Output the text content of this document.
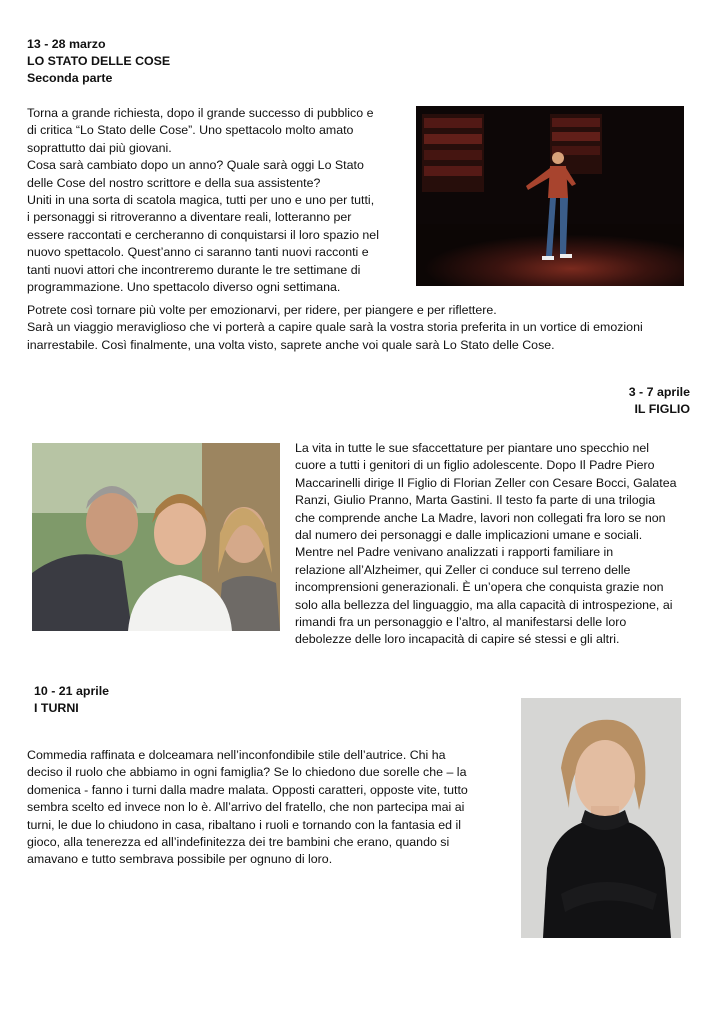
13 - 28 marzo
LO STATO DELLE COSE
Seconda parte
Torna a grande richiesta, dopo il grande successo di pubblico e
di critica “Lo Stato delle Cose”. Uno spettacolo molto amato
soprattutto dai più giovani.
Cosa sarà cambiato dopo un anno? Quale sarà oggi Lo Stato
delle Cose del nostro scrittore e della sua assistente?
Uniti in una sorta di scatola magica, tutti per uno e uno per tutti,
i personaggi si ritroveranno a diventare reali, lotteranno per
essere raccontati e cercheranno di conquistarsi il loro spazio nel
nuovo spettacolo. Quest’anno ci saranno tanti nuovi racconti e
tanti nuovi attori che incontreremo durante le tre settimane di
programmazione. Uno spettacolo diverso ogni settimana.
Potrete così tornare più volte per emozionarvi, per ridere, per piangere e per riflettere.
Sarà un viaggio meraviglioso che vi porterà a capire quale sarà la vostra storia preferita in un vortice di emozioni
inarrestabile. Così finalmente, una volta visto, saprete anche voi quale sarà Lo Stato delle Cose.
3 - 7 aprile
IL FIGLIO
La vita in tutte le sue sfaccettature per piantare uno specchio nel
cuore a tutti i genitori di un figlio adolescente. Dopo Il Padre Piero
Maccarinelli dirige Il Figlio di Florian Zeller con Cesare Bocci, Galatea
Ranzi, Giulio Pranno, Marta Gastini. Il testo fa parte di una trilogia
che comprende anche La Madre, lavori non collegati fra loro se non
dal numero dei personaggi e dalle implicazioni umane e sociali.
Mentre nel Padre venivano analizzati i rapporti familiare in
relazione all’Alzheimer, qui Zeller ci conduce sul terreno delle
incomprensioni generazionali. È un’opera che conquista grazie non
solo alla bellezza del linguaggio, ma alla capacità di introspezione, ai
rimandi fra un personaggio e l’altro, al manifestarsi delle loro
debolezze delle loro incapacità di capire sé stessi e gli altri.
10 - 21 aprile
I TURNI
Commedia raffinata e dolceamara nell’inconfondibile stile dell’autrice. Chi ha
deciso il ruolo che abbiamo in ogni famiglia? Se lo chiedono due sorelle che – la
domenica - fanno i turni dalla madre malata. Opposti caratteri, opposte vite, tutto
sembra scelto ed invece non lo è. All’arrivo del fratello, che non partecipa mai ai
turni, le due lo chiudono in casa, ribaltano i ruoli e tornando con la fantasia ed il
gioco, alla tenerezza ed all’indefinitezza dei tre bambini che erano, quando si
amavano e tutto sembrava possibile per ognuno di loro.
